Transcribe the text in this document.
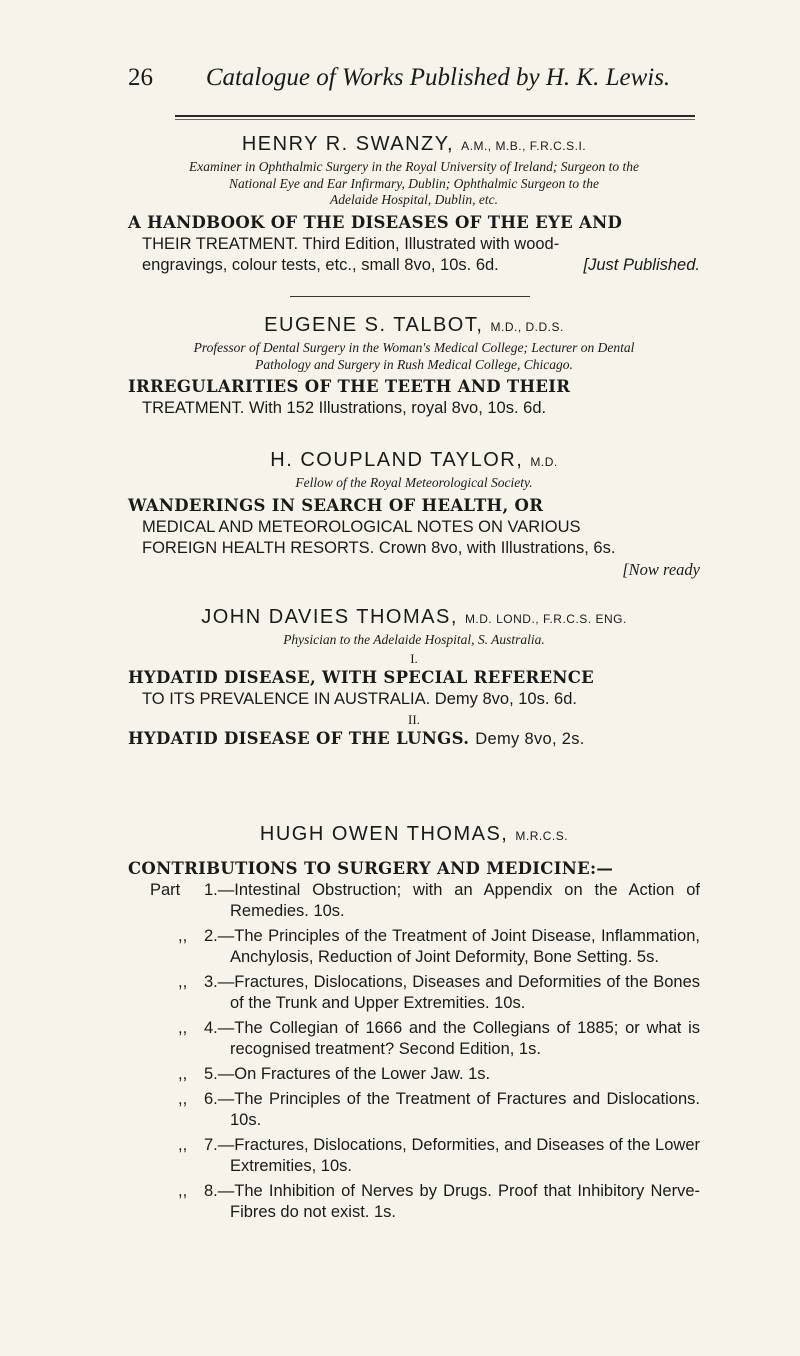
26	Catalogue of Works Published by H. K. Lewis.

HENRY R. SWANZY, A.M., M.B., F.R.C.S.I.

Examiner in Ophthalmic Surgery in the Royal University of Ireland; Surgeon to the
National Eye and Ear Infirmary, Dublin; Ophthalmic Surgeon to the
Adelaide Hospital, Dublin, etc.

A HANDBOOK OF THE DISEASES OF THE EYE AND

THEIR TREATMENT. Third Edition, Illustrated with wood-
engravings, colour tests, etc., small 8vo, 10s. 6d.	[Just Published.

EUGENE S. TALBOT, M.D., D.D.S.

Professor of Dental Surgery in the Woman's Medical College; Lecturer on Dental
Pathology and Surgery in Rush Medical College, Chicago.

IRREGULARITIES OF THE TEETH AND THEIR

TREATMENT. With 152 Illustrations, royal 8vo, 10s. 6d.

H. COUPLAND TAYLOR, M.D.

Fellow of the Royal Meteorological Society.

WANDERINGS IN SEARCH OF HEALTH, OR

MEDICAL AND METEOROLOGICAL NOTES ON VARIOUS
FOREIGN HEALTH RESORTS. Crown 8vo, with Illustrations, 6s.

[Now ready

JOHN DAVIES THOMAS, M.D. LOND., F.R.C.S. ENG.

Physician to the Adelaide Hospital, S. Australia.

I.

HYDATID DISEASE, WITH SPECIAL REFERENCE

TO ITS PREVALENCE IN AUSTRALIA. Demy 8vo, 10s. 6d.

II.

HYDATID DISEASE OF THE LUNGS. Demy 8vo, 2s.

HUGH OWEN THOMAS, M.R.C.S.

CONTRIBUTIONS TO SURGERY AND MEDICINE:—

Part 1.—Intestinal Obstruction; with an Appendix on the Action of Remedies. 10s.
,, 2.—The Principles of the Treatment of Joint Disease, Inflammation, Anchylosis, Reduction of Joint Deformity, Bone Setting. 5s.
,, 3.—Fractures, Dislocations, Diseases and Deformities of the Bones of the Trunk and Upper Extremities. 10s.
,, 4.—The Collegian of 1666 and the Collegians of 1885; or what is recognised treatment? Second Edition, 1s.
,, 5.—On Fractures of the Lower Jaw. 1s.
,, 6.—The Principles of the Treatment of Fractures and Dislocations. 10s.
,, 7.—Fractures, Dislocations, Deformities, and Diseases of the Lower Extremities, 10s.
,, 8.—The Inhibition of Nerves by Drugs. Proof that Inhibitory Nerve-Fibres do not exist. 1s.
